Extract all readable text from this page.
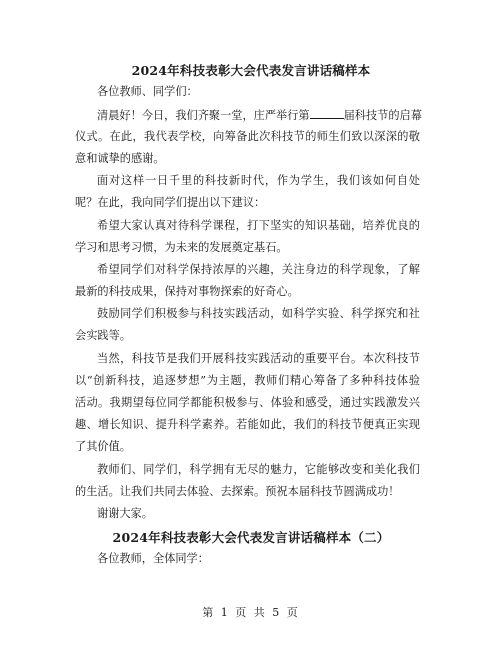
2024年科技表彰大会代表发言讲话稿样本
各位教师、同学们：
清晨好！今日，我们齐聚一堂，庄严举行第	届科技节的启幕
仪式。在此，我代表学校，向筹备此次科技节的师生们致以深深的敬
意和诚挚的感谢。
面对这样一日千里的科技新时代，作为学生，我们该如何自处
呢？在此，我向同学们提出以下建议：
希望大家认真对待科学课程，打下坚实的知识基础，培养优良的
学习和思考习惯，为未来的发展奠定基石。
希望同学们对科学保持浓厚的兴趣，关注身边的科学现象，了解
最新的科技成果，保持对事物探索的好奇心。
鼓励同学们积极参与科技实践活动，如科学实验、科学探究和社
会实践等。
当然，科技节是我们开展科技实践活动的重要平台。本次科技节
以“创新科技，追逐梦想”为主题，教师们精心筹备了多种科技体验
活动。我期望每位同学都能积极参与、体验和感受，通过实践激发兴
趣、增长知识、提升科学素养。若能如此，我们的科技节便真正实现
了其价值。
教师们、同学们，科学拥有无尽的魅力，它能够改变和美化我们
的生活。让我们共同去体验、去探索。预祝本届科技节圆满成功！
谢谢大家。
2024年科技表彰大会代表发言讲话稿样本（二）
各位教师，全体同学：
第 1 页 共 5 页
